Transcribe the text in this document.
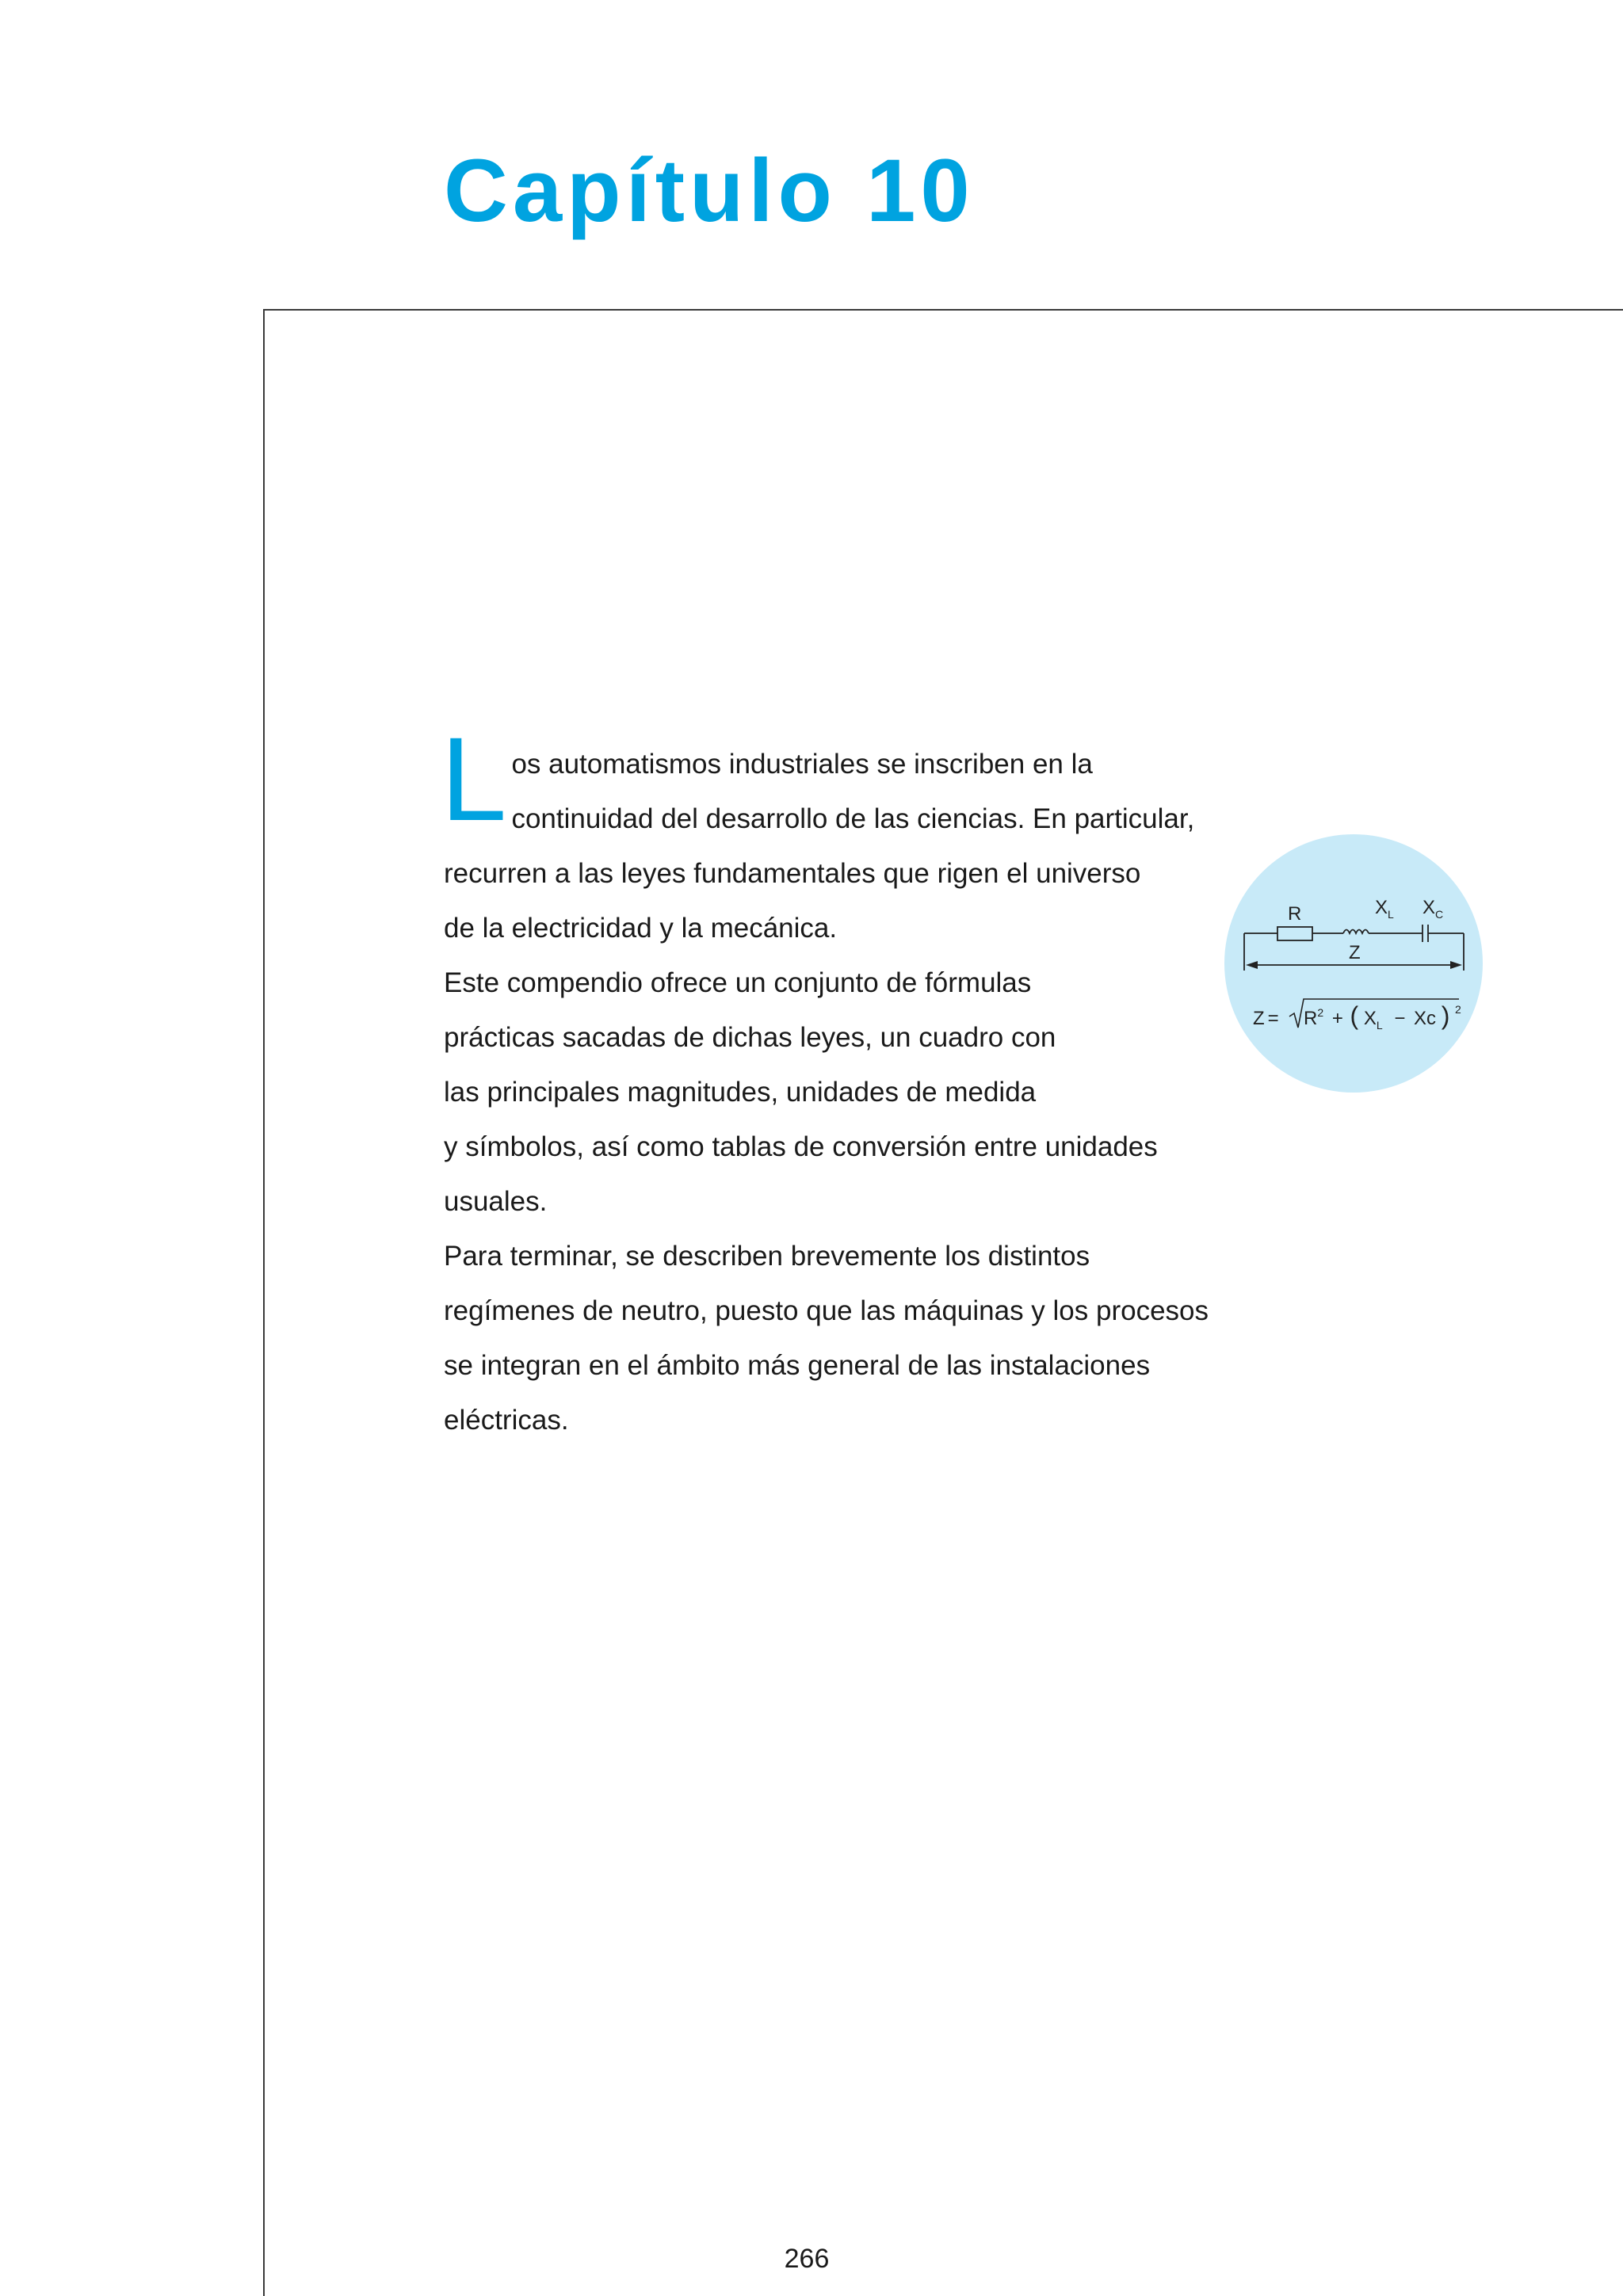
Capítulo 10
L os automatismos industriales se inscriben en la

continuidad del desarrollo de las ciencias. En particular,

recurren a las leyes fundamentales que rigen el universo

de la electricidad y la mecánica.

Este compendio ofrece un conjunto de fórmulas

prácticas sacadas de dichas leyes, un cuadro con

las principales magnitudes, unidades de medida

y símbolos, así como tablas de conversión entre unidades

usuales.

Para terminar, se describen brevemente los distintos

regímenes de neutro, puesto que las máquinas y los procesos

se integran en el ámbito más general de las instalaciones

eléctricas.

R	$X_L$ $X_C$
Z
$Z = R^2$ + ( $X_L - Xc$ ) $^2$

266
